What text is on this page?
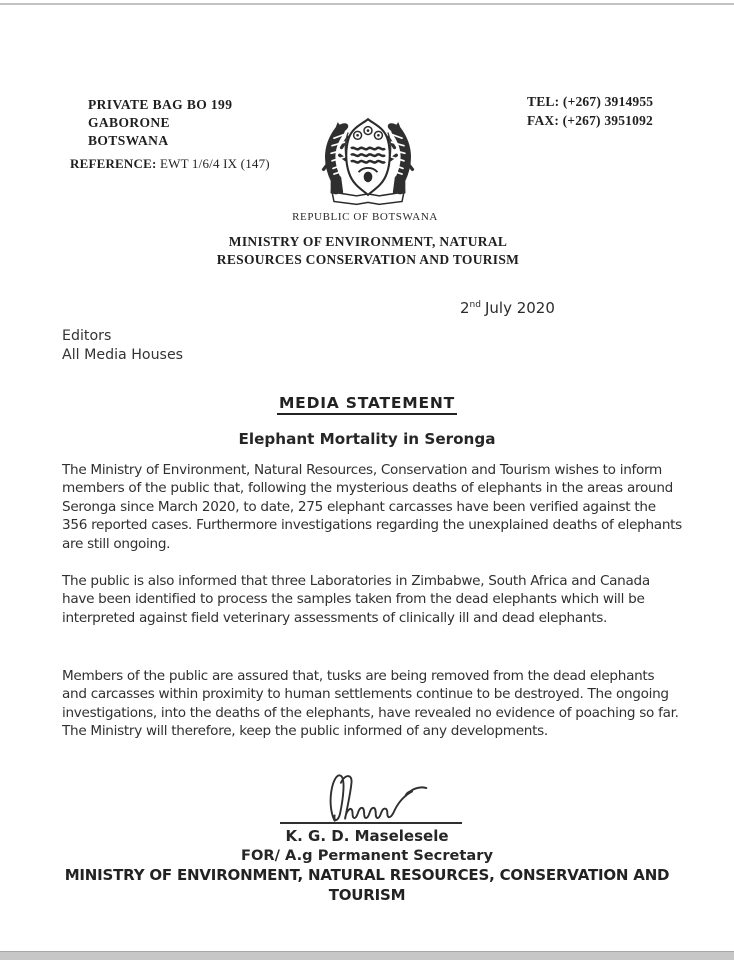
PRIVATE BAG BO 199
GABORONE
BOTSWANA
REFERENCE: EWT 1/6/4 IX (147)
TEL: (+267) 3914955
FAX: (+267) 3951092
REPUBLIC OF BOTSWANA
MINISTRY OF ENVIRONMENT, NATURAL
RESOURCES CONSERVATION AND TOURISM
2nd July 2020
Editors
All Media Houses
MEDIA STATEMENT
Elephant Mortality in Seronga
The Ministry of Environment, Natural Resources, Conservation and Tourism wishes to inform members of the public that, following the mysterious deaths of elephants in the areas around Seronga since March 2020, to date, 275 elephant carcasses have been verified against the 356 reported cases. Furthermore investigations regarding the unexplained deaths of elephants are still ongoing.
The public is also informed that three Laboratories in Zimbabwe, South Africa and Canada have been identified to process the samples taken from the dead elephants which will be interpreted against field veterinary assessments of clinically ill and dead elephants.
Members of the public are assured that, tusks are being removed from the dead elephants and carcasses within proximity to human settlements continue to be destroyed. The ongoing investigations, into the deaths of the elephants, have revealed no evidence of poaching so far. The Ministry will therefore, keep the public informed of any developments.
K. G. D. Maselesele
FOR/ A.g Permanent Secretary
MINISTRY OF ENVIRONMENT, NATURAL RESOURCES, CONSERVATION AND TOURISM
